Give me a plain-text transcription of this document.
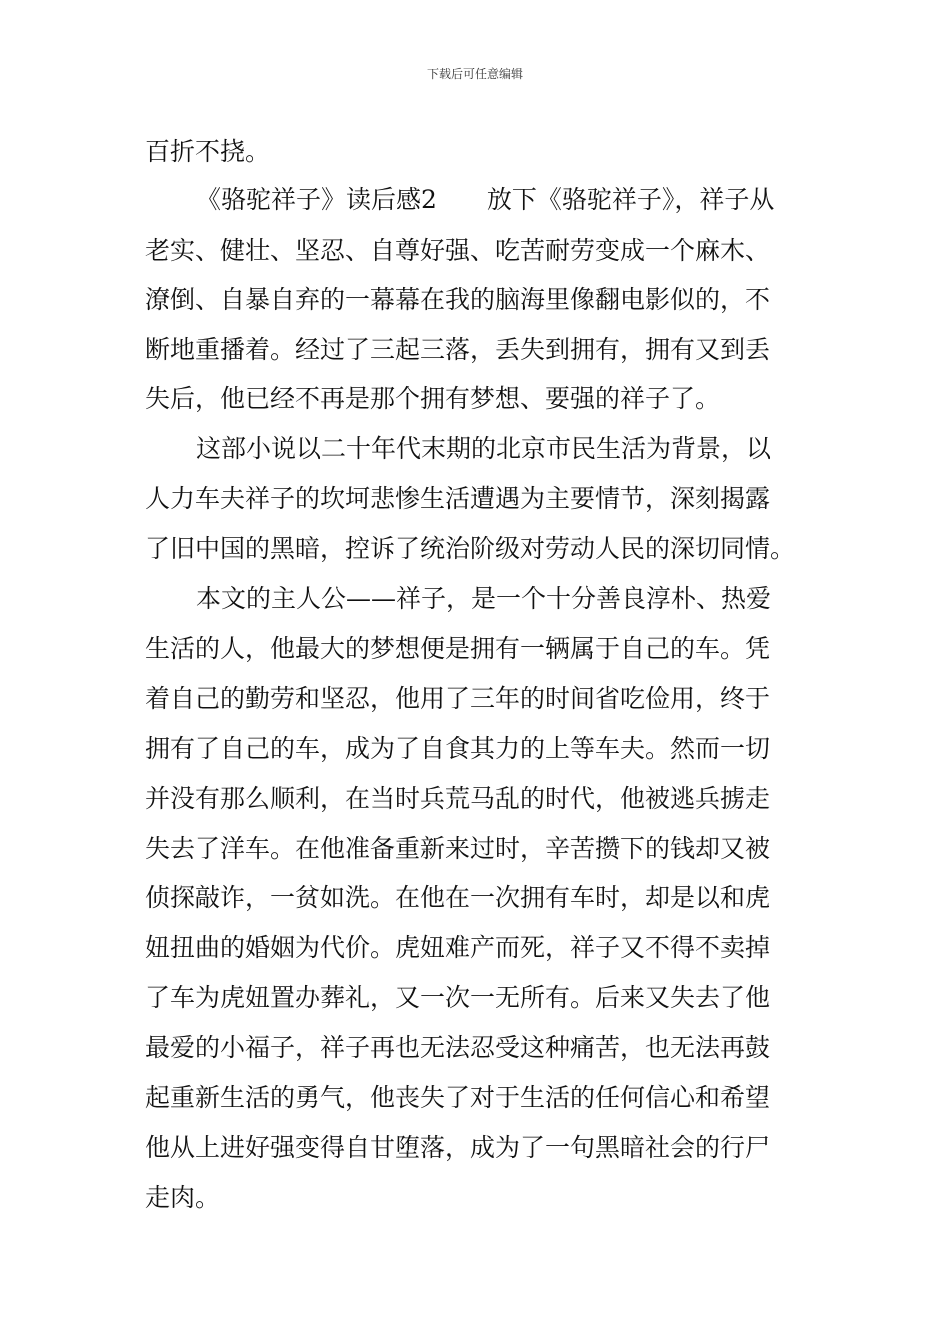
下载后可任意编辑
百折不挠。
《骆驼祥子》读后感2　　放下《骆驼祥子》，祥子从
老实、健壮、坚忍、自尊好强、吃苦耐劳变成一个麻木、
潦倒、自暴自弃的一幕幕在我的脑海里像翻电影似的，不
断地重播着。经过了三起三落，丢失到拥有，拥有又到丢
失后，他已经不再是那个拥有梦想、要强的祥子了。
这部小说以二十年代末期的北京市民生活为背景，以
人力车夫祥子的坎坷悲惨生活遭遇为主要情节，深刻揭露
了旧中国的黑暗，控诉了统治阶级对劳动人民的深切同情。
本文的主人公——祥子，是一个十分善良淳朴、热爱
生活的人，他最大的梦想便是拥有一辆属于自己的车。凭
着自己的勤劳和坚忍，他用了三年的时间省吃俭用，终于
拥有了自己的车，成为了自食其力的上等车夫。然而一切
并没有那么顺利，在当时兵荒马乱的时代，他被逃兵掳走
失去了洋车。在他准备重新来过时，辛苦攒下的钱却又被
侦探敲诈，一贫如洗。在他在一次拥有车时，却是以和虎
妞扭曲的婚姻为代价。虎妞难产而死，祥子又不得不卖掉
了车为虎妞置办葬礼，又一次一无所有。后来又失去了他
最爱的小福子，祥子再也无法忍受这种痛苦，也无法再鼓
起重新生活的勇气，他丧失了对于生活的任何信心和希望
他从上进好强变得自甘堕落，成为了一句黑暗社会的行尸
走肉。
